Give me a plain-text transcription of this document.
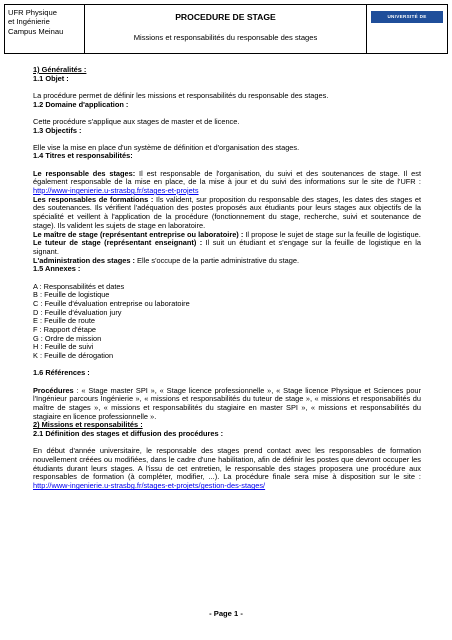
UFR Physique
et Ingénierie
Campus Meinau
PROCEDURE DE STAGE
Missions et responsabilités du responsable des stages
UNIVERSITÉ DE STRASBOURG

1) Généralités :

1.1 Objet :

La procédure permet de définir les missions et responsabilités du responsable des stages.

1.2 Domaine d'application :

Cette procédure s'applique aux stages de master et de licence.

1.3 Objectifs :

Elle vise la mise en place d'un système de définition et d'organisation des stages.

1.4 Titres et responsabilités:

Le responsable des stages: Il est responsable de l'organisation, du suivi et des soutenances de stage. Il est également responsable de la mise en place, de la mise à jour et du suivi des informations sur le site de l'UFR : http://www-ingenierie.u-strasbg.fr/stages-et-projets

Les responsables de formations : Ils valident, sur proposition du responsable des stages, les dates des stages et des soutenances. Ils vérifient l'adéquation des postes proposés aux étudiants pour leurs stages aux objectifs de la spécialité et veillent à l'application de la procédure (fonctionnement du stage, recherche, suivi et soutenance de stage). Ils valident les sujets de stage en laboratoire.

Le maître de stage (représentant entreprise ou laboratoire) : Il propose le sujet de stage sur la feuille de logistique.

Le tuteur de stage (représentant enseignant) : Il suit un étudiant et s'engage sur la feuille de logistique en la signant.

L'administration des stages : Elle s'occupe de la partie administrative du stage.

1.5 Annexes :

A : Responsabilités et dates
B : Feuille de logistique
C : Feuille d'évaluation entreprise ou laboratoire
D : Feuille d'évaluation jury
E : Feuille de route
F : Rapport d'étape
G : Ordre de mission
H : Feuille de suivi
K : Feuille de dérogation

1.6 Références :

Procédures : « Stage master SPI », « Stage licence professionnelle », « Stage licence Physique et Sciences pour l'Ingénieur parcours Ingénierie », « missions et responsabilités du tuteur de stage », « missions et responsabilités du maître de stages », « missions et responsabilités du stagiaire en master SPI », « missions et responsabilités du stagiaire en licence professionnelle ».

2) Missions et responsabilités :

2.1 Définition des stages et diffusion des procédures :

En début d'année universitaire, le responsable des stages prend contact avec les responsables de formation nouvellement créées ou modifiées, dans le cadre d'une habilitation, afin de définir les postes que devront occuper les étudiants durant leurs stages. A l'issu de cet entretien, le responsable des stages proposera une procédure aux responsables de formation (à compléter, modifier, ...). La procédure finale sera mise à disposition sur le site : http://www-ingenierie.u-strasbg.fr/stages-et-projets/gestion-des-stages/

- Page 1 -
